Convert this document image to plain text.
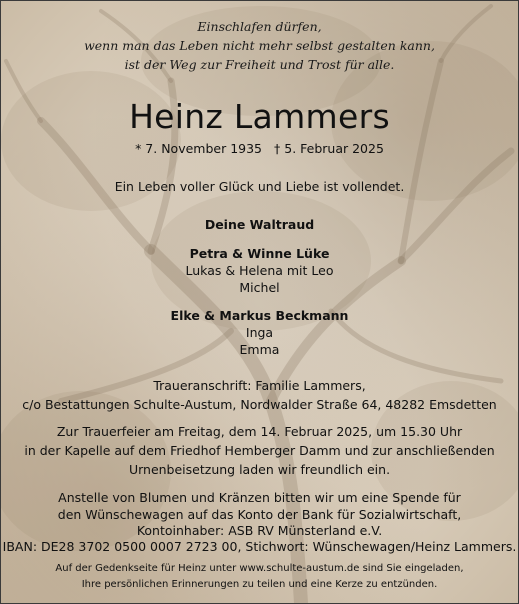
Einschlafen dürfen,
wenn man das Leben nicht mehr selbst gestalten kann,
ist der Weg zur Freiheit und Trost für alle.
Heinz Lammers
* 7. November 1935 † 5. Februar 2025
Ein Leben voller Glück und Liebe ist vollendet.
Deine Waltraud
Petra & Winne Lüke
Lukas & Helena mit Leo
Michel
Elke & Markus Beckmann
Inga
Emma
Traueranschrift: Familie Lammers,
c/o Bestattungen Schulte-Austum, Nordwalder Straße 64, 48282 Emsdetten
Zur Trauerfeier am Freitag, dem 14. Februar 2025, um 15.30 Uhr
in der Kapelle auf dem Friedhof Hemberger Damm und zur anschließenden
Urnenbeisetzung laden wir freundlich ein.
Anstelle von Blumen und Kränzen bitten wir um eine Spende für
den Wünschewagen auf das Konto der Bank für Sozialwirtschaft,
Kontoinhaber: ASB RV Münsterland e.V.
IBAN: DE28 3702 0500 0007 2723 00, Stichwort: Wünschewagen/Heinz Lammers.
Auf der Gedenkseite für Heinz unter www.schulte-austum.de sind Sie eingeladen,
Ihre persönlichen Erinnerungen zu teilen und eine Kerze zu entzünden.
